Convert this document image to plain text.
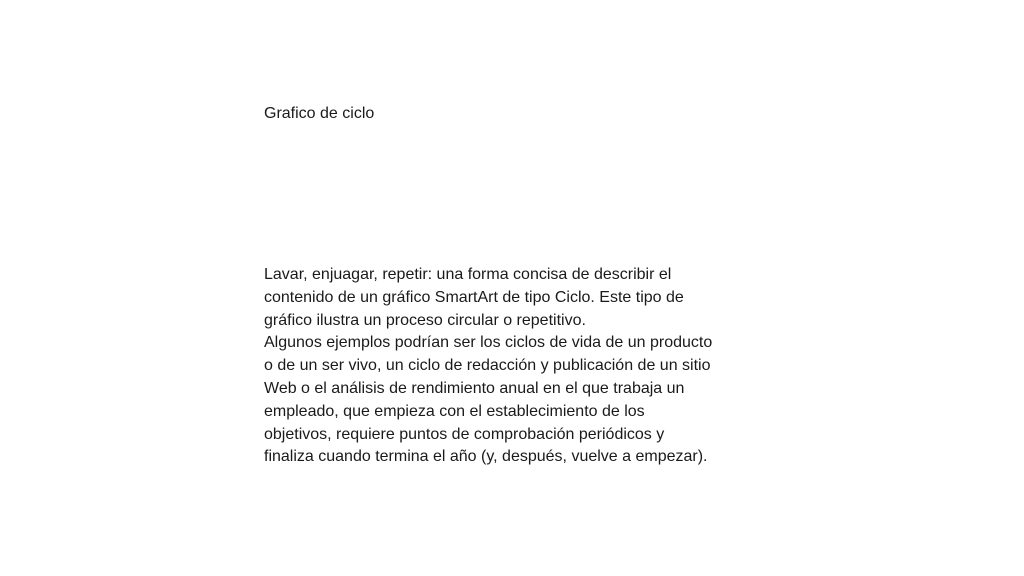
Grafico de ciclo

Lavar, enjuagar, repetir: una forma concisa de describir el
contenido de un gráfico SmartArt de tipo Ciclo. Este tipo de
gráfico ilustra un proceso circular o repetitivo.
Algunos ejemplos podrían ser los ciclos de vida de un producto
o de un ser vivo, un ciclo de redacción y publicación de un sitio
Web o el análisis de rendimiento anual en el que trabaja un
empleado, que empieza con el establecimiento de los
objetivos, requiere puntos de comprobación periódicos y
finaliza cuando termina el año (y, después, vuelve a empezar).
